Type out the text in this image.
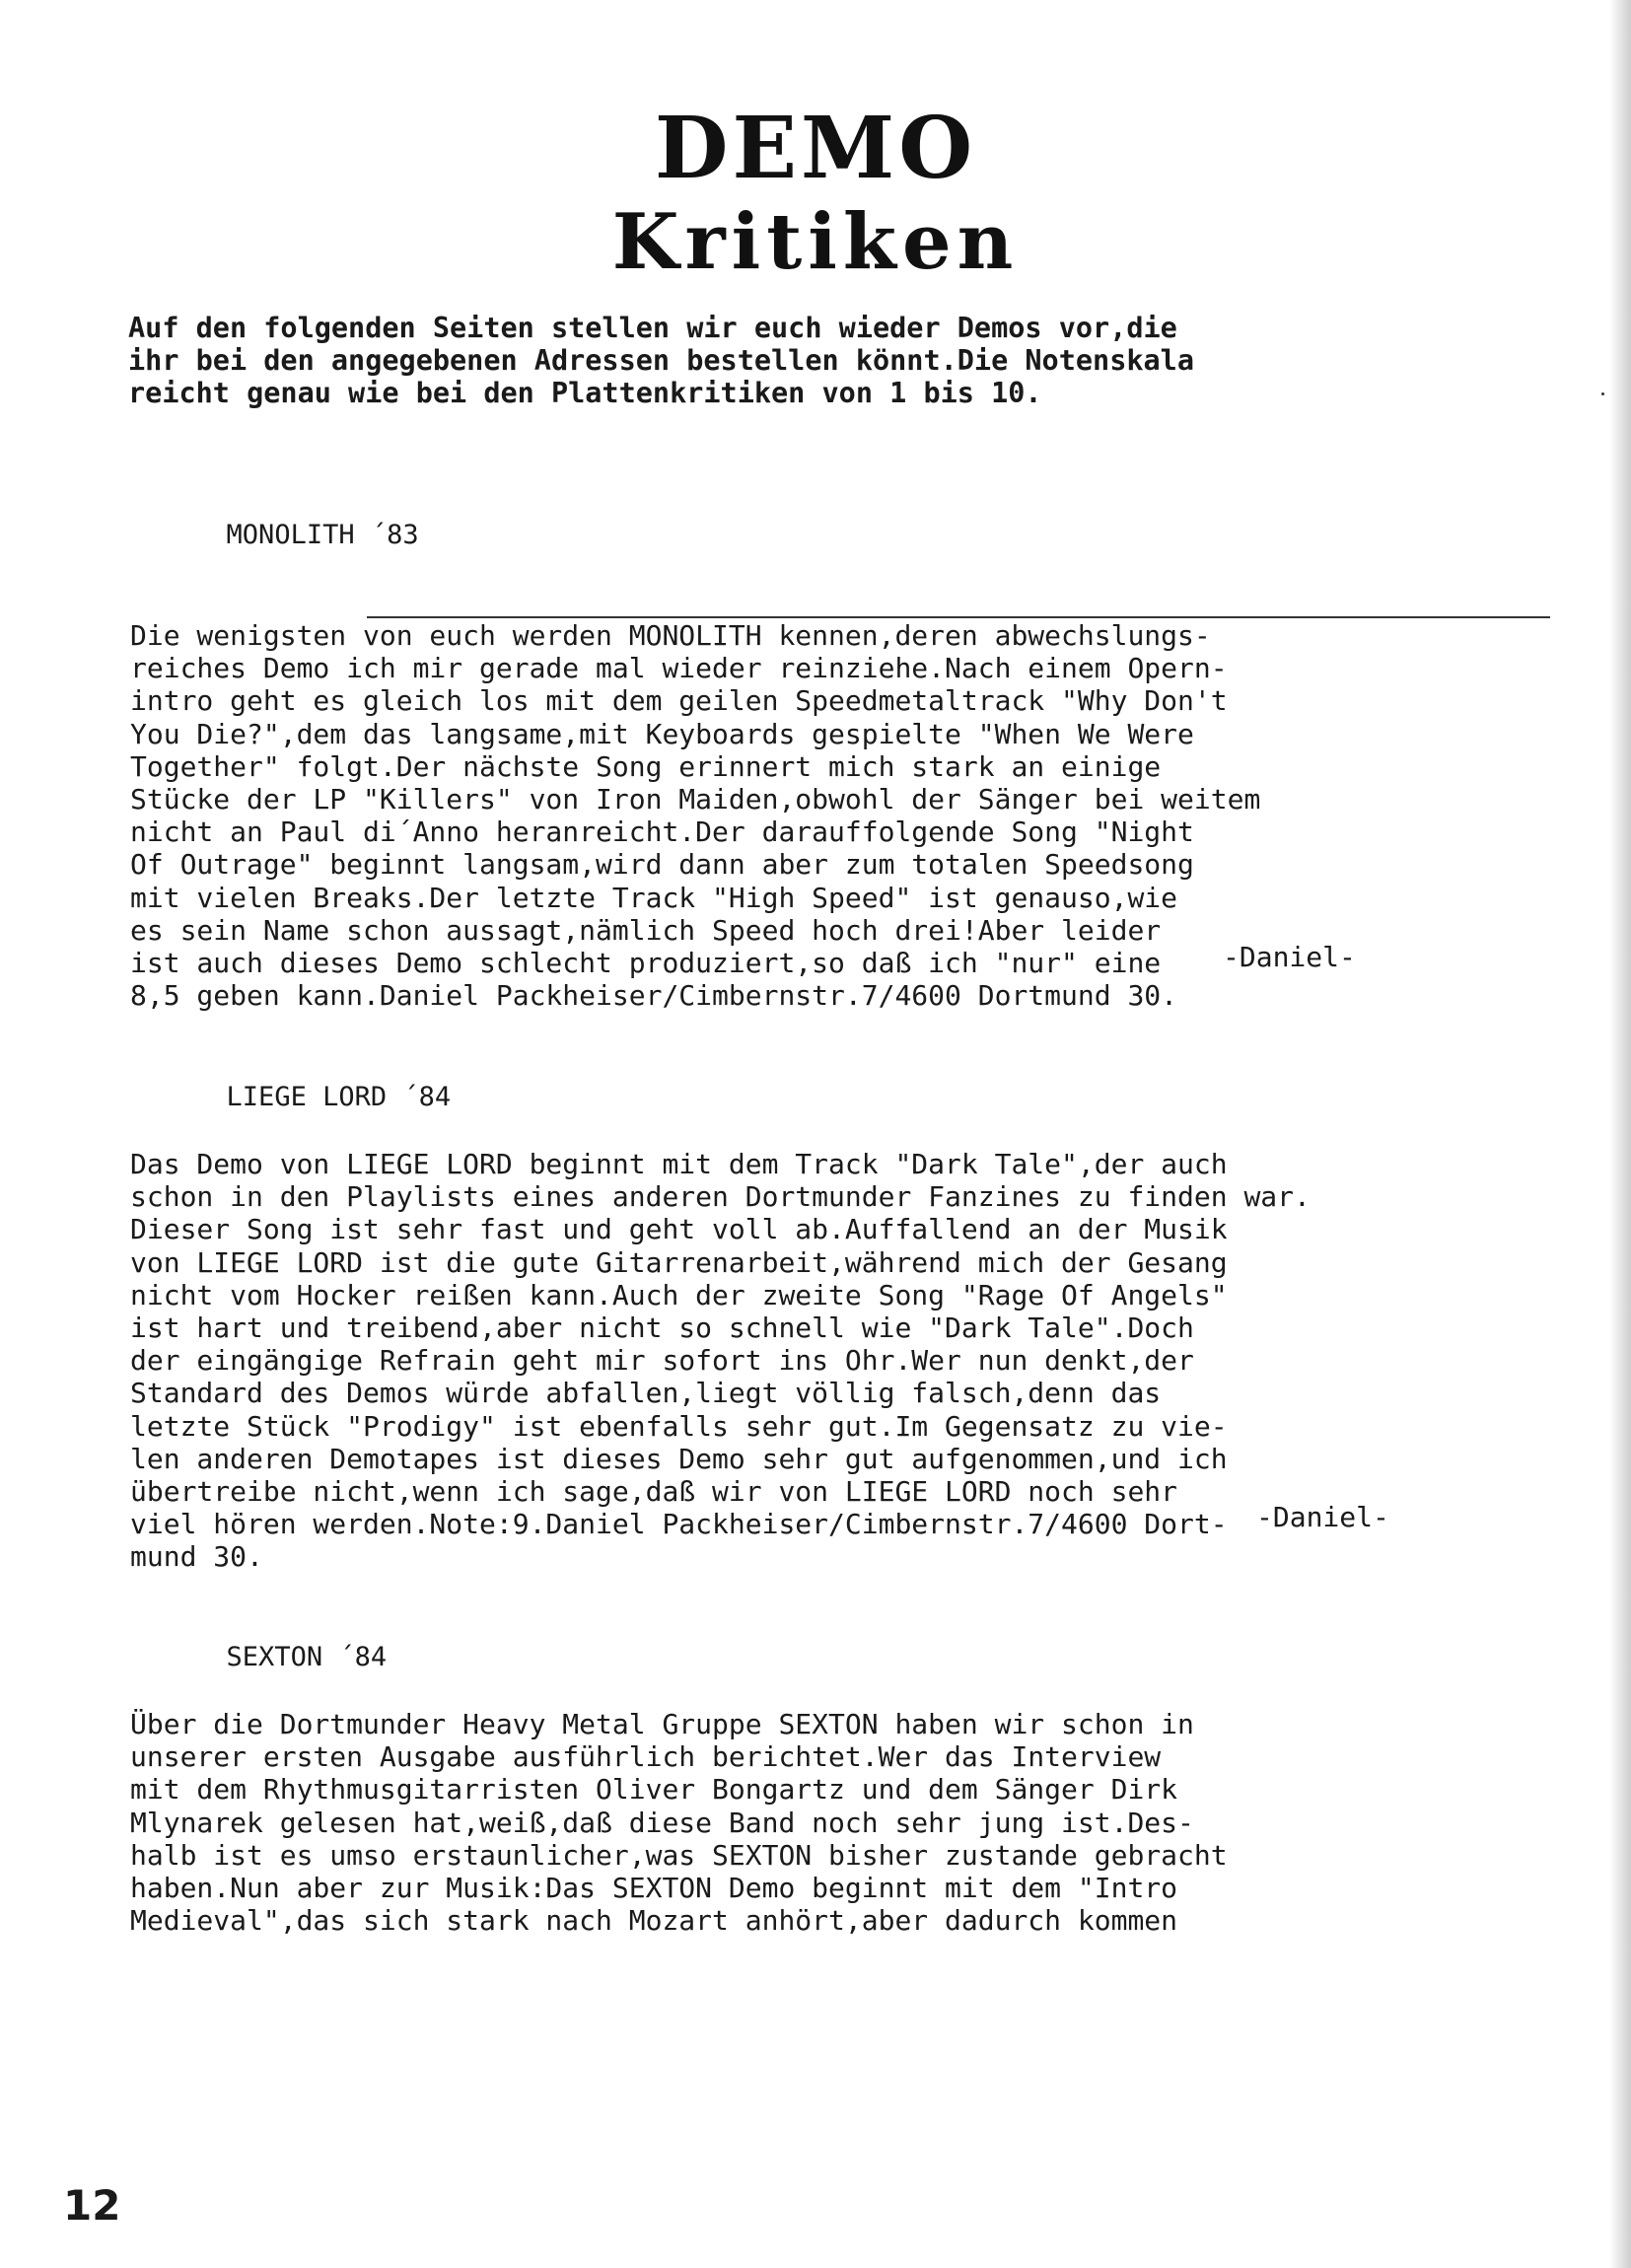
DEMO
Kritiken
Auf den folgenden Seiten stellen wir euch wieder Demos vor,die
ihr bei den angegebenen Adressen bestellen könnt.Die Notenskala
reicht genau wie bei den Plattenkritiken von 1 bis 10.

MONOLITH ´83

Die wenigsten von euch werden MONOLITH kennen,deren abwechslungs-
reiches Demo ich mir gerade mal wieder reinziehe.Nach einem Opern-
intro geht es gleich los mit dem geilen Speedmetaltrack "Why Don't
You Die?",dem das langsame,mit Keyboards gespielte "When We Were
Together" folgt.Der nächste Song erinnert mich stark an einige
Stücke der LP "Killers" von Iron Maiden,obwohl der Sänger bei weitem
nicht an Paul di´Anno heranreicht.Der darauffolgende Song "Night
Of Outrage" beginnt langsam,wird dann aber zum totalen Speedsong
mit vielen Breaks.Der letzte Track "High Speed" ist genauso,wie
es sein Name schon aussagt,nämlich Speed hoch drei!Aber leider
ist auch dieses Demo schlecht produziert,so daß ich "nur" eine
8,5 geben kann.Daniel Packheiser/Cimbernstr.7/4600 Dortmund 30.
-Daniel-

LIEGE LORD ´84

Das Demo von LIEGE LORD beginnt mit dem Track "Dark Tale",der auch
schon in den Playlists eines anderen Dortmunder Fanzines zu finden war.
Dieser Song ist sehr fast und geht voll ab.Auffallend an der Musik
von LIEGE LORD ist die gute Gitarrenarbeit,während mich der Gesang
nicht vom Hocker reißen kann.Auch der zweite Song "Rage Of Angels"
ist hart und treibend,aber nicht so schnell wie "Dark Tale".Doch
der eingängige Refrain geht mir sofort ins Ohr.Wer nun denkt,der
Standard des Demos würde abfallen,liegt völlig falsch,denn das
letzte Stück "Prodigy" ist ebenfalls sehr gut.Im Gegensatz zu vie-
len anderen Demotapes ist dieses Demo sehr gut aufgenommen,und ich
übertreibe nicht,wenn ich sage,daß wir von LIEGE LORD noch sehr
viel hören werden.Note:9.Daniel Packheiser/Cimbernstr.7/4600 Dort-
mund 30.
-Daniel-

SEXTON ´84

Über die Dortmunder Heavy Metal Gruppe SEXTON haben wir schon in
unserer ersten Ausgabe ausführlich berichtet.Wer das Interview
mit dem Rhythmusgitarristen Oliver Bongartz und dem Sänger Dirk
Mlynarek gelesen hat,weiß,daß diese Band noch sehr jung ist.Des-
halb ist es umso erstaunlicher,was SEXTON bisher zustande gebracht
haben.Nun aber zur Musik:Das SEXTON Demo beginnt mit dem "Intro
Medieval",das sich stark nach Mozart anhört,aber dadurch kommen
12
